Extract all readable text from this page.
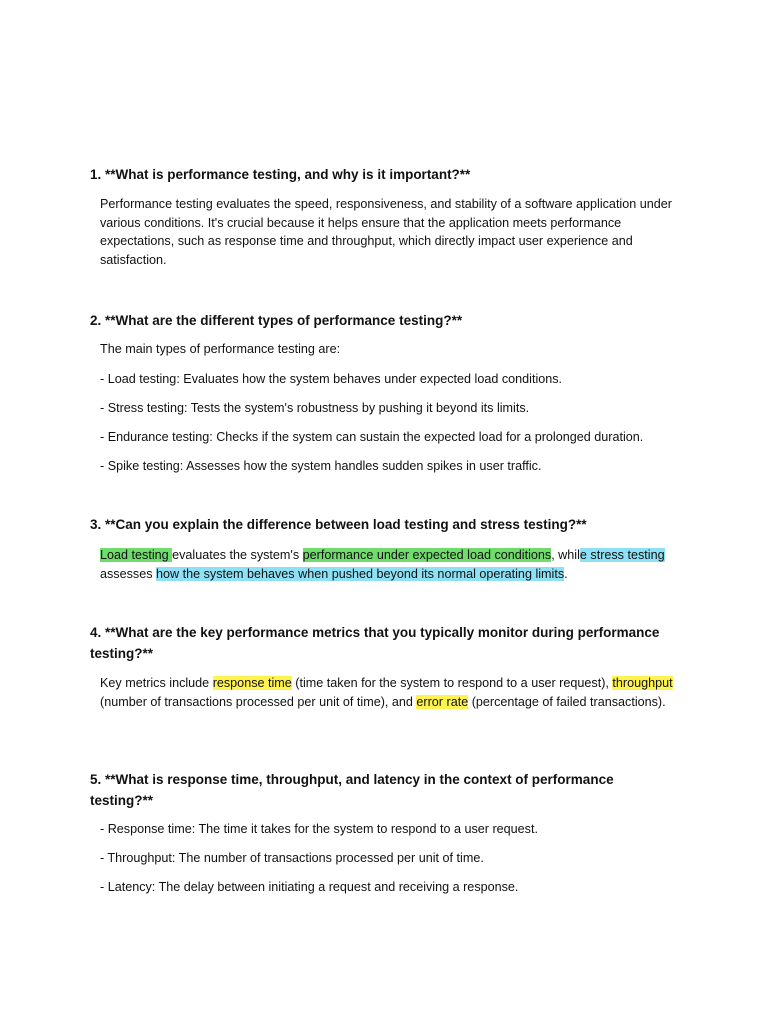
1. **What is performance testing, and why is it important?**

Performance testing evaluates the speed, responsiveness, and stability of a software application under various conditions. It's crucial because it helps ensure that the application meets performance expectations, such as response time and throughput, which directly impact user experience and satisfaction.

2. **What are the different types of performance testing?**

The main types of performance testing are:

- Load testing: Evaluates how the system behaves under expected load conditions.

- Stress testing: Tests the system's robustness by pushing it beyond its limits.

- Endurance testing: Checks if the system can sustain the expected load for a prolonged duration.

- Spike testing: Assesses how the system handles sudden spikes in user traffic.

3. **Can you explain the difference between load testing and stress testing?**

Load testing evaluates the system's performance under expected load conditions, while stress testing assesses how the system behaves when pushed beyond its normal operating limits.

4. **What are the key performance metrics that you typically monitor during performance testing?**

Key metrics include response time (time taken for the system to respond to a user request), throughput (number of transactions processed per unit of time), and error rate (percentage of failed transactions).

5. **What is response time, throughput, and latency in the context of performance testing?**

- Response time: The time it takes for the system to respond to a user request.

- Throughput: The number of transactions processed per unit of time.

- Latency: The delay between initiating a request and receiving a response.
